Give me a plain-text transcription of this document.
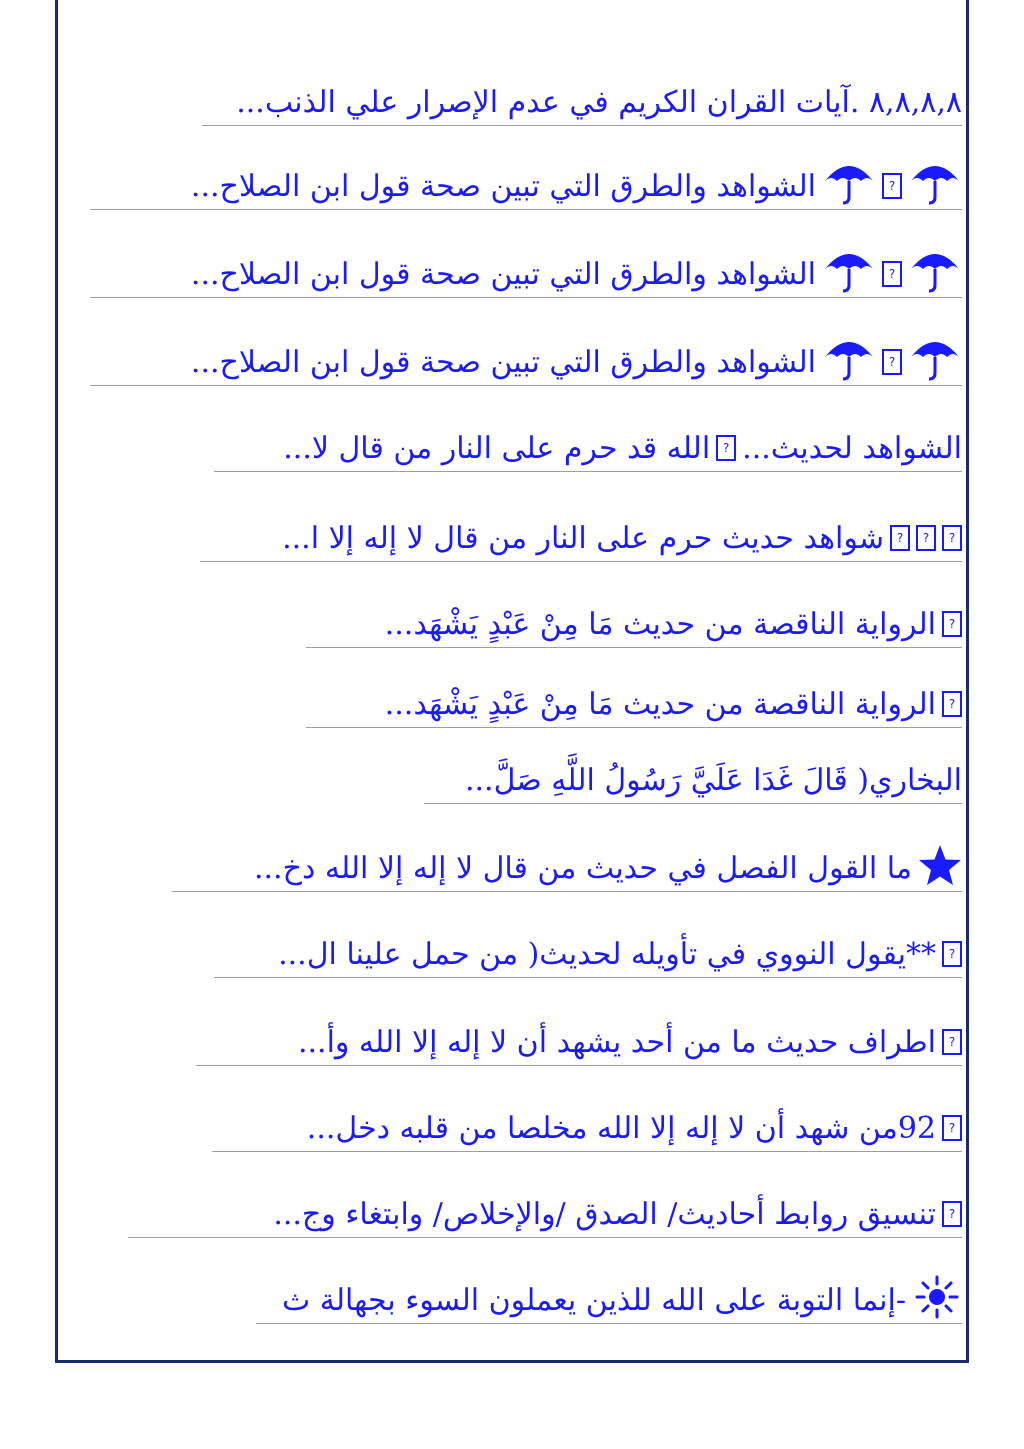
٨,٨,٨,٨ .آيات القران الكريم في عدم الإصرار علي الذنب...
?
الشواهد والطرق التي تبين صحة قول ابن الصلاح...
?
الشواهد والطرق التي تبين صحة قول ابن الصلاح...
?
الشواهد والطرق التي تبين صحة قول ابن الصلاح...
الشواهد لحديث...
?
الله قد حرم على النار من قال لا...
?
?
?
شواهد حديث حرم على النار من قال لا إله إلا ا...
?
الرواية الناقصة من حديث مَا مِنْ عَبْدٍ يَشْهَد...
?
الرواية الناقصة من حديث مَا مِنْ عَبْدٍ يَشْهَد...
البخاري( قَالَ غَدَا عَلَيَّ رَسُولُ اللَّهِ صَلَّ...
ما القول الفصل في حديث من قال لا إله إلا الله دخ...
?
**يقول النووي في تأويله لحديث( من حمل علينا ال...
?
اطراف حديث ما من أحد يشهد أن لا إله إلا الله وأ...
?
92من شهد أن لا إله إلا الله مخلصا من قلبه دخل...
?
تنسيق روابط أحاديث/ الصدق /والإخلاص/ وابتغاء وج...
-إنما التوبة على الله للذين يعملون السوء بجهالة ث
